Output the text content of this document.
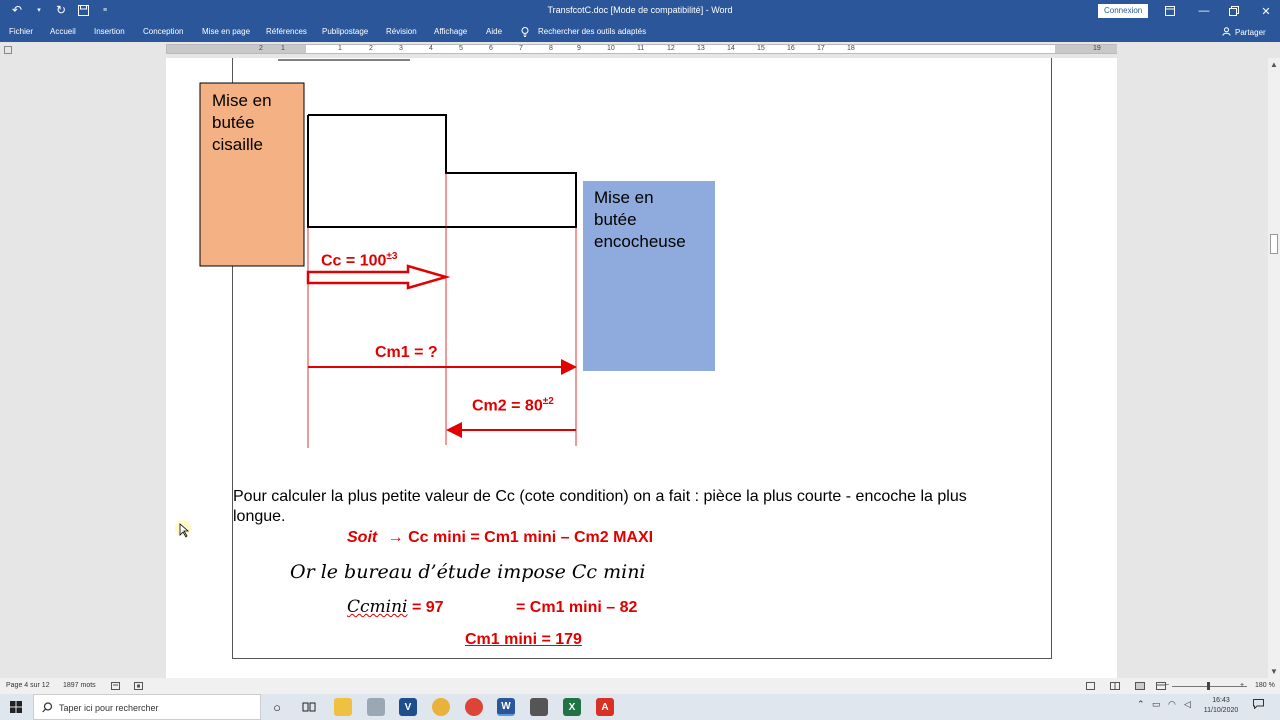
↶	▾	↻	≡	TransfcotC.doc [Mode de compatibilité] - Word	Connexion	—	✕
Fichier Accueil Insertion Conception Mise en page Références Publipostage Révision Affichage Aide	Rechercher des outils adaptés	Partager
1
2	1	2	3	4	5	6	7	8	9	10	11	12	13	14	15	16	17	18	19
Mise en
butée
cisaille
Mise en
butée
encocheuse
$Cc = 100^{\pm 3}$
Cm1 = ?
$Cm2 = 80^{\pm 2}$
Pour calculer la plus petite valeur de Cc (cote condition) on a fait : pièce la plus courte - encoche la plus longue.
Soit → Cc mini = Cm1 mini – Cm2 MAXI
Or le bureau d’étude impose Cc mini
Ccmini = 97	= Cm1 mini – 82
Cm1 mini = 179
▲
▼
Page 4 sur 12 1897 mots	−	+ 180 %
Taper ici pour rechercher	○	V	W	X	A	⌃ ▭ ◠ ◁	16:43
11/10/2020
